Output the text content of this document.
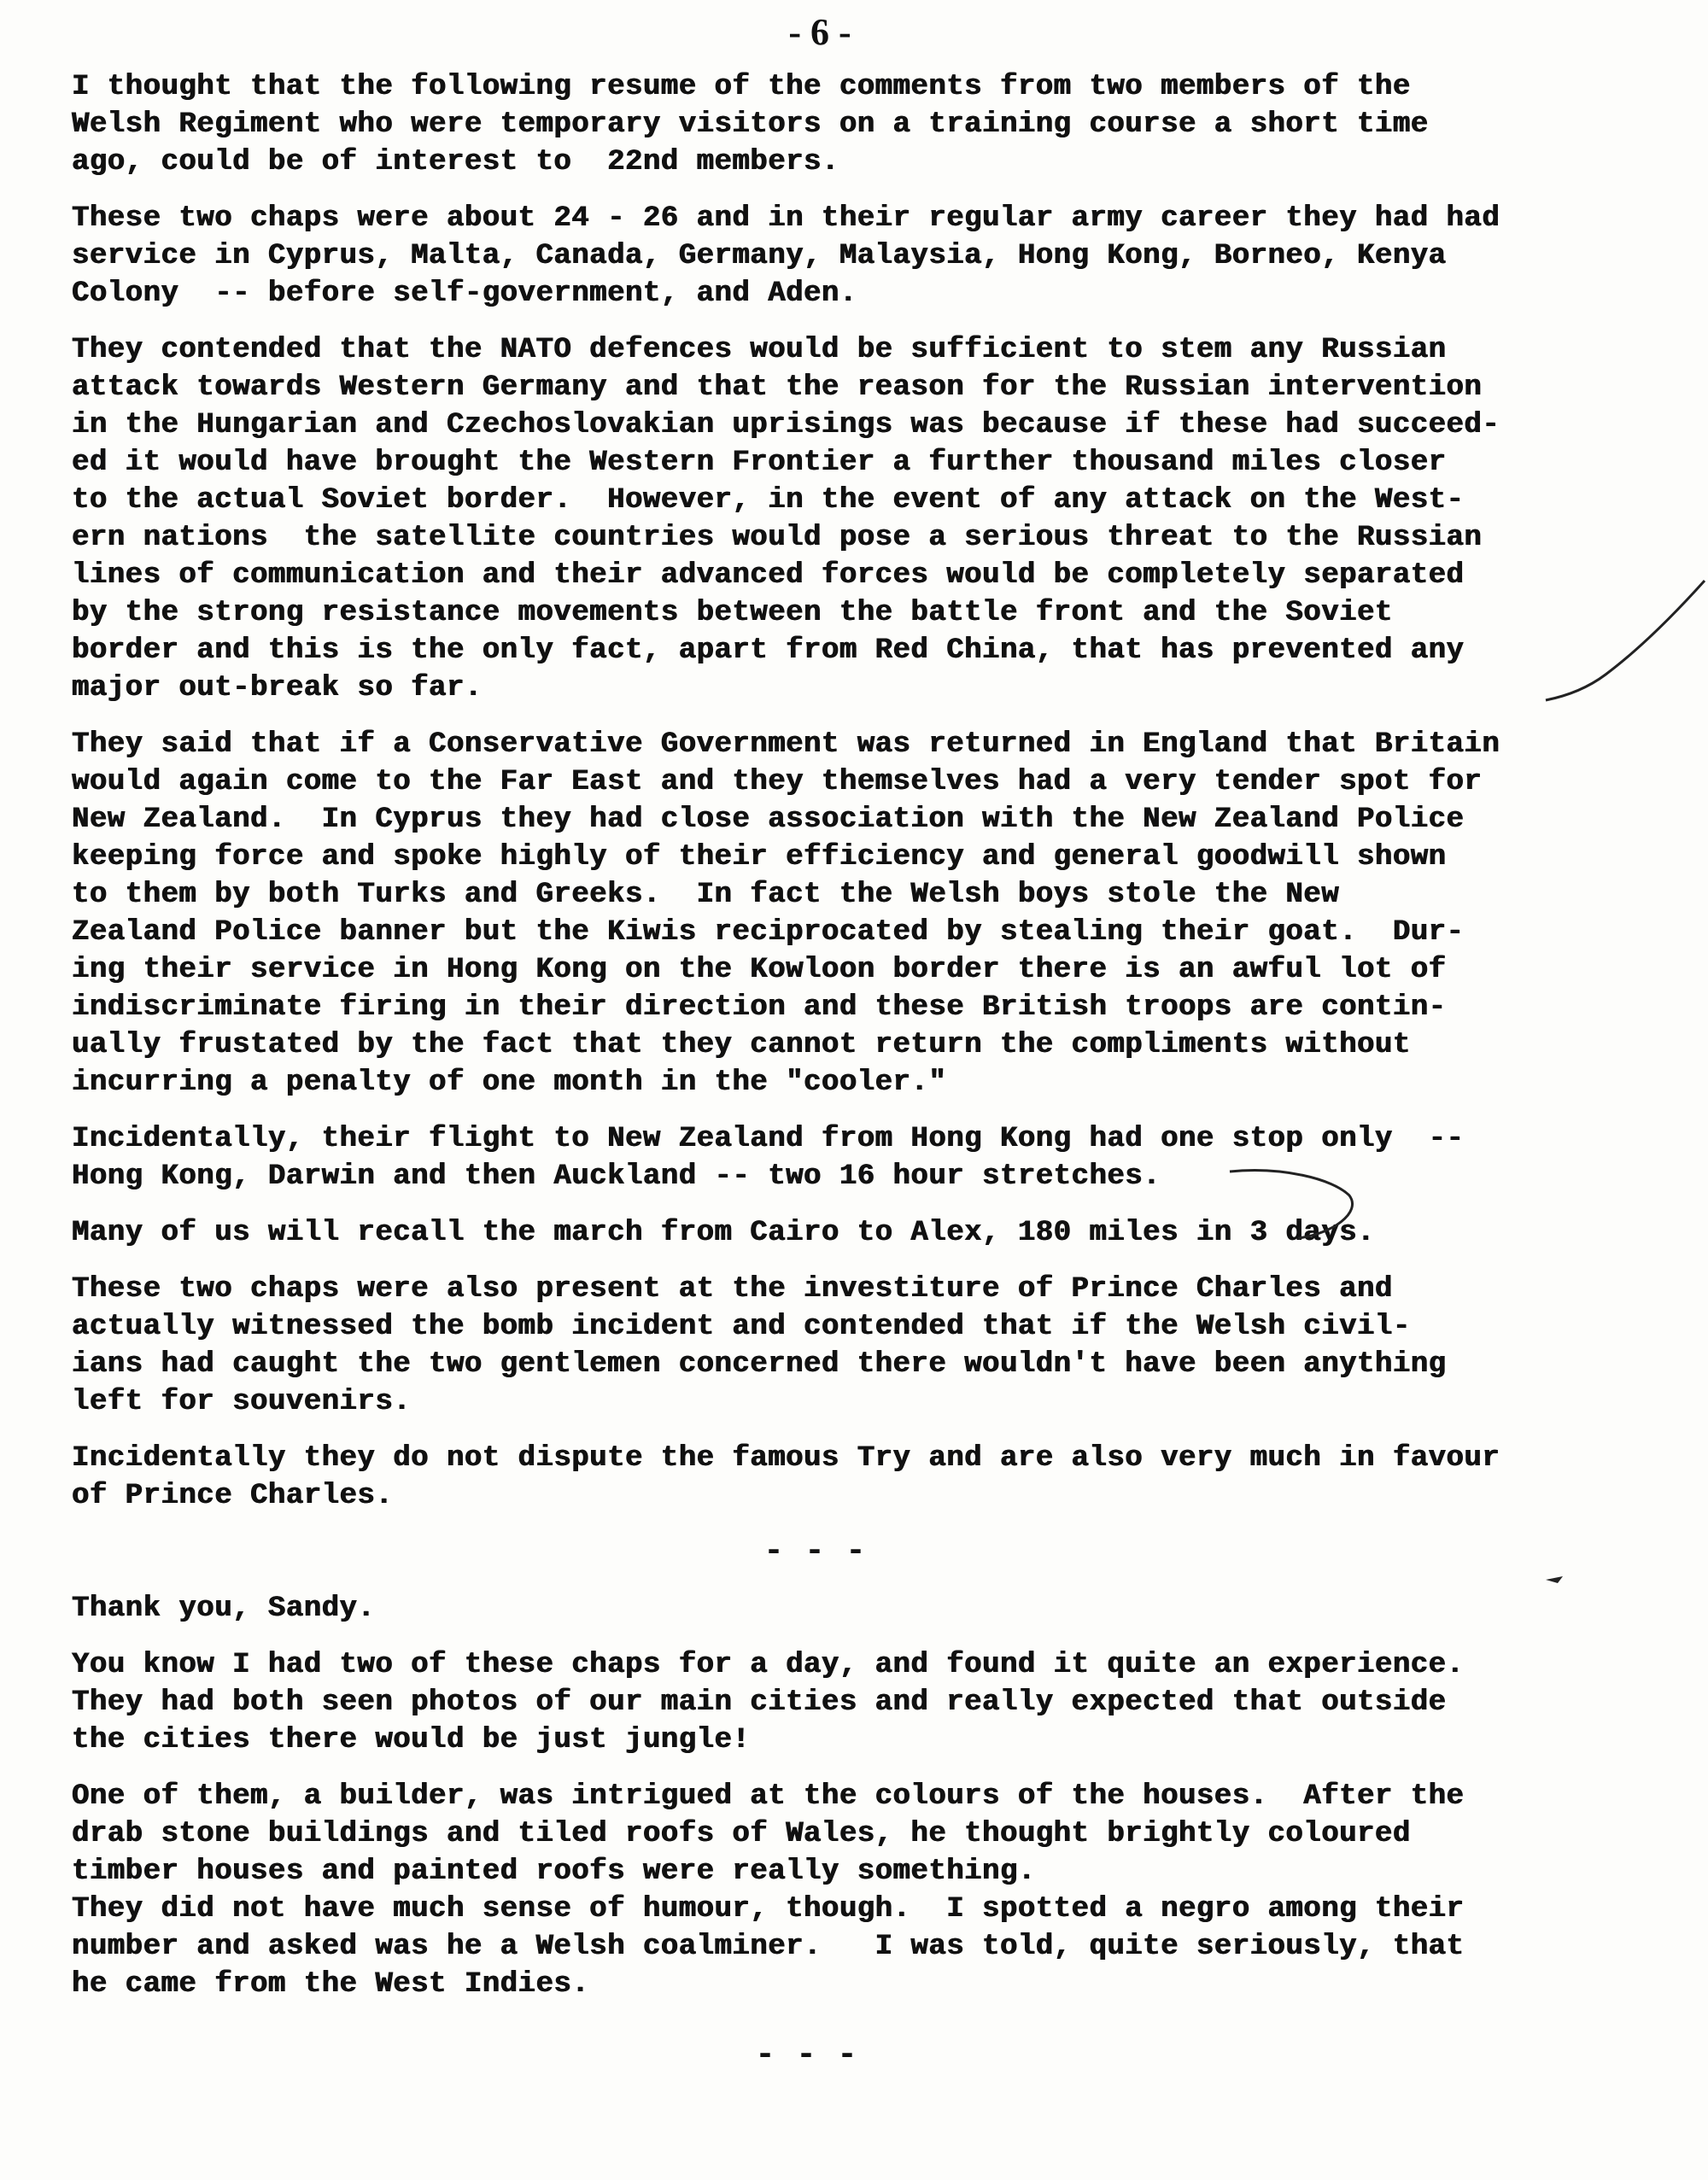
- 6 -

I thought that the following resume of the comments from two members of the
Welsh Regiment who were temporary visitors on a training course a short time
ago, could be of interest to  22nd members.

These two chaps were about 24 - 26 and in their regular army career they had had
service in Cyprus, Malta, Canada, Germany, Malaysia, Hong Kong, Borneo, Kenya
Colony  -- before self-government, and Aden.

They contended that the NATO defences would be sufficient to stem any Russian
attack towards Western Germany and that the reason for the Russian intervention
in the Hungarian and Czechoslovakian uprisings was because if these had succeed-
ed it would have brought the Western Frontier a further thousand miles closer
to the actual Soviet border.  However, in the event of any attack on the West-
ern nations  the satellite countries would pose a serious threat to the Russian
lines of communication and their advanced forces would be completely separated
by the strong resistance movements between the battle front and the Soviet
border and this is the only fact, apart from Red China, that has prevented any
major out-break so far.

They said that if a Conservative Government was returned in England that Britain
would again come to the Far East and they themselves had a very tender spot for
New Zealand.  In Cyprus they had close association with the New Zealand Police
keeping force and spoke highly of their efficiency and general goodwill shown
to them by both Turks and Greeks.  In fact the Welsh boys stole the New
Zealand Police banner but the Kiwis reciprocated by stealing their goat.  Dur-
ing their service in Hong Kong on the Kowloon border there is an awful lot of
indiscriminate firing in their direction and these British troops are contin-
ually frustated by the fact that they cannot return the compliments without
incurring a penalty of one month in the "cooler."

Incidentally, their flight to New Zealand from Hong Kong had one stop only  --
Hong Kong, Darwin and then Auckland -- two 16 hour stretches.

Many of us will recall the march from Cairo to Alex, 180 miles in 3 days.

These two chaps were also present at the investiture of Prince Charles and
actually witnessed the bomb incident and contended that if the Welsh civil-
ians had caught the two gentlemen concerned there wouldn't have been anything
left for souvenirs.

Incidentally they do not dispute the famous Try and are also very much in favour
of Prince Charles.

- - -

Thank you, Sandy.

You know I had two of these chaps for a day, and found it quite an experience.
They had both seen photos of our main cities and really expected that outside
the cities there would be just jungle!

One of them, a builder, was intrigued at the colours of the houses.  After the
drab stone buildings and tiled roofs of Wales, he thought brightly coloured
timber houses and painted roofs were really something.

They did not have much sense of humour, though.  I spotted a negro among their
number and asked was he a Welsh coalminer.   I was told, quite seriously, that
he came from the West Indies.

- - -
